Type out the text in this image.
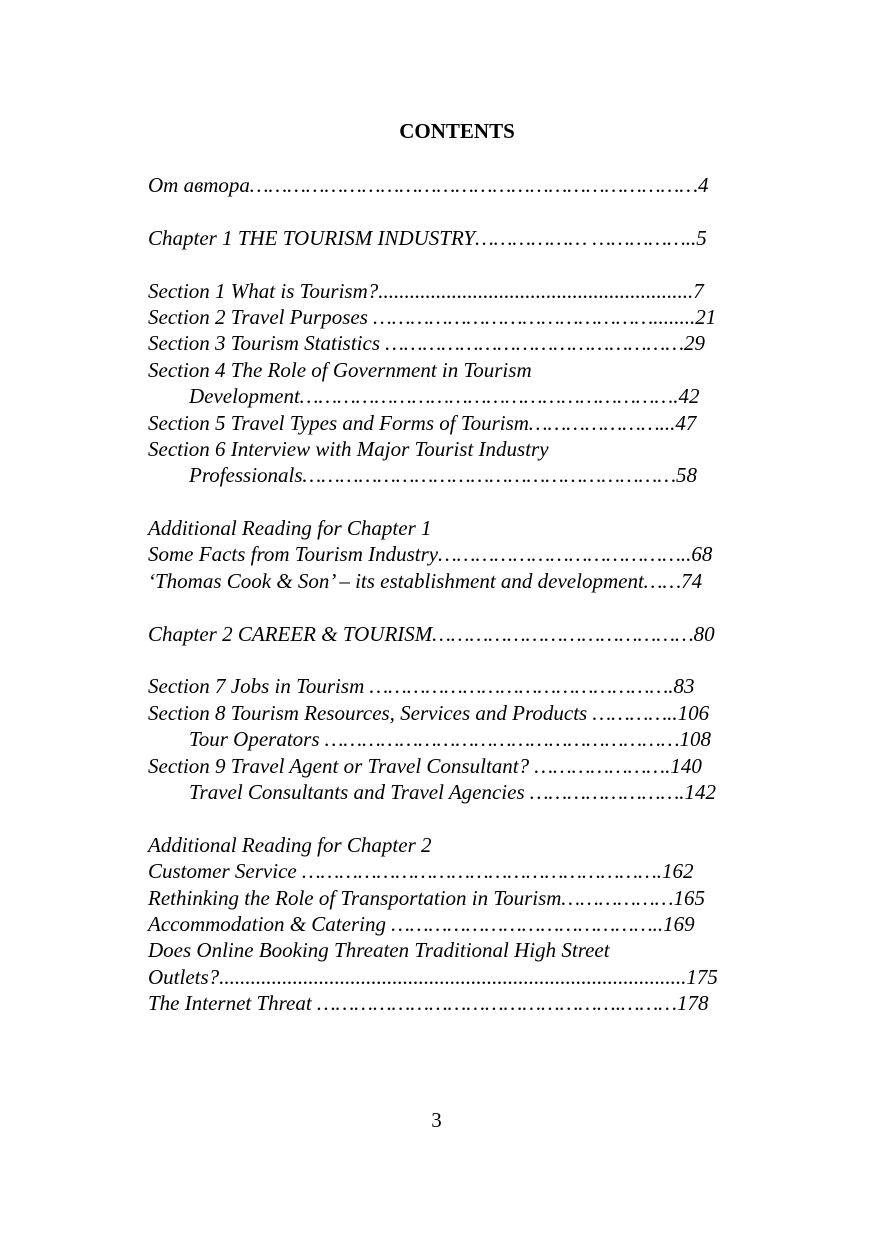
CONTENTS
От автора………………………………………………………………4
Chapter 1 THE TOURISM INDUSTRY……………… ……………..5
Section 1 What is Tourism?............................................................7
Section 2 Travel Purposes ………………………………………........21
Section 3 Tourism Statistics …………………………………………29
Section 4 The Role of Government in Tourism
Development…………………………………………………….42
Section 5 Travel Types and Forms of Tourism…………………...47
Section 6 Interview with Major Tourist Industry
Professionals……………………………………………………58
Additional Reading for Chapter 1
Some Facts from Tourism Industry…………………………………..68
‘Thomas Cook & Son’ – its establishment and development……74
Chapter 2 CAREER & TOURISM……………………………………80
Section 7 Jobs in Tourism ………………………………………….83
Section 8 Tourism Resources, Services and Products …………..106
Tour Operators …………………………………………………108
Section 9 Travel Agent or Travel Consultant? ………………….140
Travel Consultants and Travel Agencies …………………….142
Additional Reading for Chapter 2
Customer Service ………………………………………………….162
Rethinking the Role of Transportation in Tourism………………165
Accommodation & Catering ……………………………………..169
Does Online Booking Threaten Traditional High Street
Outlets?.........................................................................................175
The Internet Threat ………………………………………….………178
3
